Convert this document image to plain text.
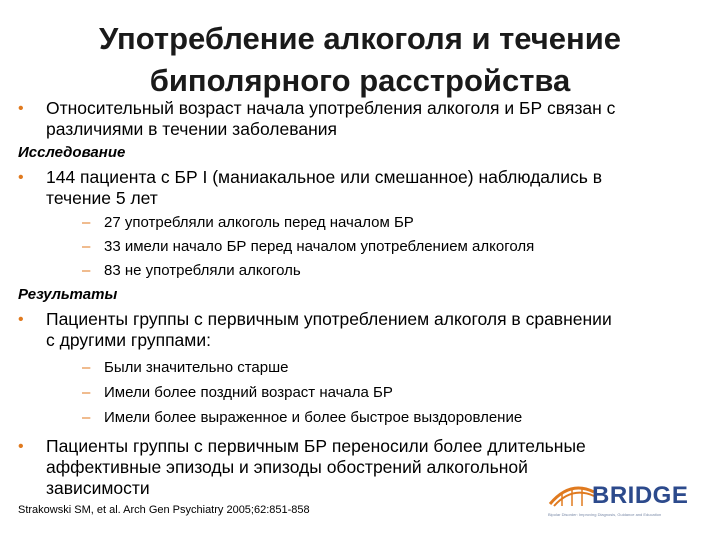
Употребление алкоголя и течение
биполярного расстройства
• Относительный возраст начала употребления алкоголя и БР связан с
различиями в течении заболевания
Исследование
• 144 пациента с БР I (маниакальное или смешанное) наблюдались в
течение 5 лет
– 27 употребляли алкоголь перед началом БР
– 33 имели начало БР перед началом употреблением алкоголя
– 83 не употребляли алкоголь
Результаты
• Пациенты группы с первичным употреблением алкоголя в сравнении
с другими группами:
– Были значительно старше
– Имели более поздний возраст начала БР
– Имели более выраженное и более быстрое выздоровление
• Пациенты группы с первичным БР переносили более длительные
аффективные эпизоды и эпизоды обострений алкогольной
зависимости
Strakowski SM, et al. Arch Gen Psychiatry 2005;62:851-858
BRIDGE
Bipolar Disorder: Improving Diagnosis, Guidance and Education
